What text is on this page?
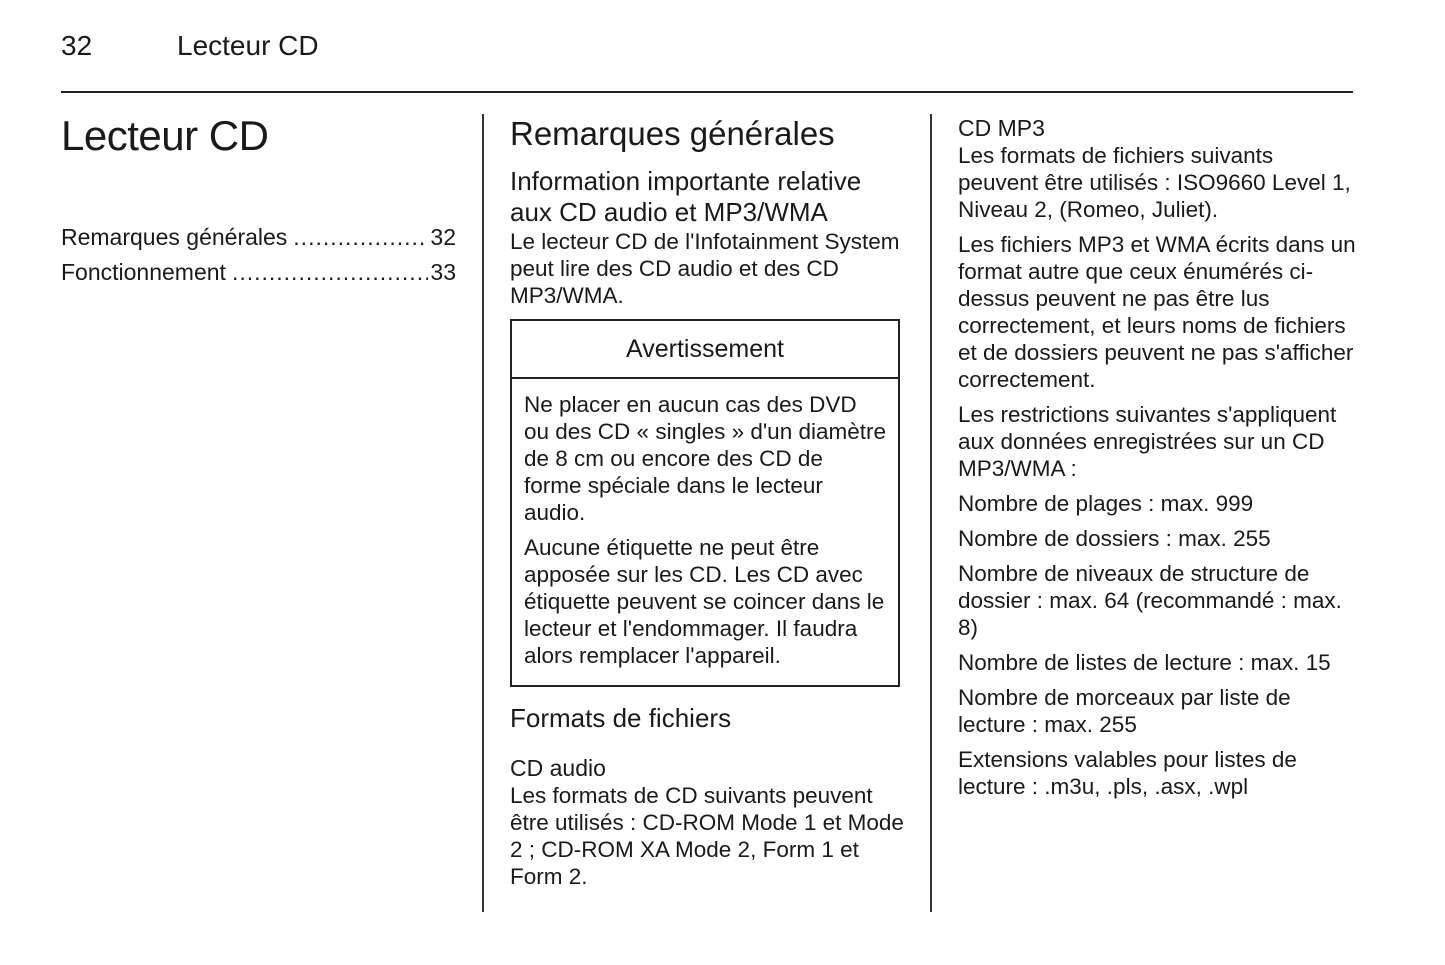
32	Lecteur CD
Lecteur CD
Remarques générales .....	32
Fonctionnement .....	33
Remarques générales
Information importante relative aux CD audio et MP3/WMA

Le lecteur CD de l'Infotainment System peut lire des CD audio et des CD MP3/WMA.

Avertissement

Ne placer en aucun cas des DVD ou des CD « singles » d'un diamètre de 8 cm ou encore des CD de forme spéciale dans le lecteur audio.

Aucune étiquette ne peut être apposée sur les CD. Les CD avec étiquette peuvent se coincer dans le lecteur et l'endommager. Il faudra alors remplacer l'appareil.

Formats de fichiers
CD audio

Les formats de CD suivants peuvent être utilisés : CD-ROM Mode 1 et Mode 2 ; CD-ROM XA Mode 2, Form 1 et Form 2.

CD MP3

Les formats de fichiers suivants peuvent être utilisés : ISO9660 Level 1, Niveau 2, (Romeo, Juliet).

Les fichiers MP3 et WMA écrits dans un format autre que ceux énumérés ci-dessus peuvent ne pas être lus correctement, et leurs noms de fichiers et de dossiers peuvent ne pas s'afficher correctement.

Les restrictions suivantes s'appliquent aux données enregistrées sur un CD MP3/WMA :

Nombre de plages : max. 999

Nombre de dossiers : max. 255

Nombre de niveaux de structure de dossier : max. 64 (recommandé : max. 8)

Nombre de listes de lecture : max. 15

Nombre de morceaux par liste de lecture : max. 255

Extensions valables pour listes de lecture : .m3u, .pls, .asx, .wpl
